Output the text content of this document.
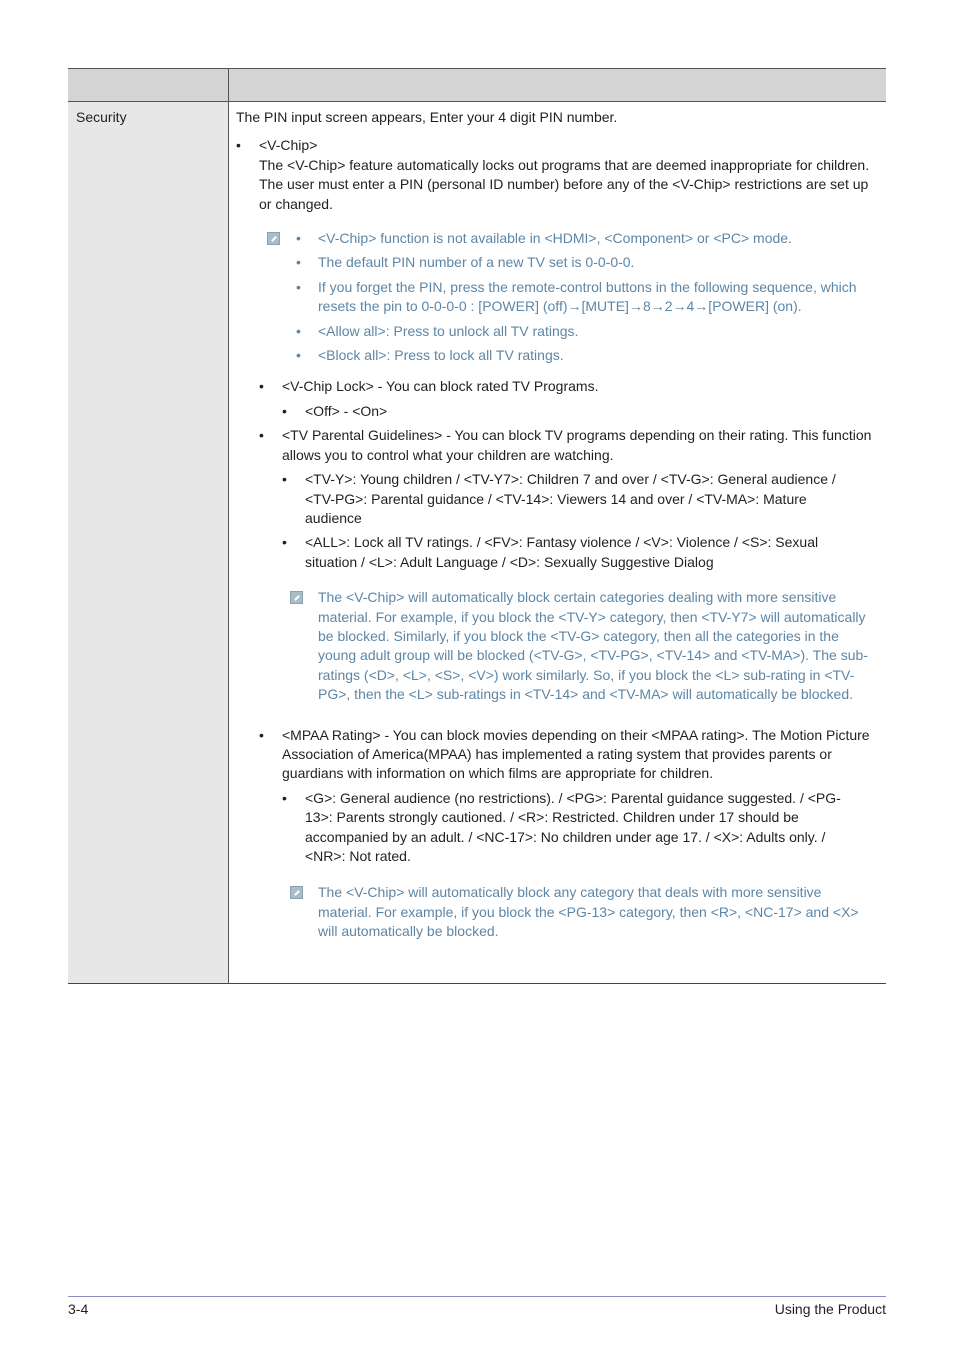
Security	The PIN input screen appears, Enter your 4 digit PIN number.

• <V-Chip>

The <V-Chip> feature automatically locks out programs that are deemed inappropriate for children. The user must enter a PIN (personal ID number) before any of the <V-Chip> restrictions are set up or changed.

• <V-Chip> function is not available in <HDMI>, <Component> or <PC> mode.

• The default PIN number of a new TV set is 0-0-0-0.

• If you forget the PIN, press the remote-control buttons in the following sequence, which resets the pin to 0-0-0-0 : [POWER] (off)→[MUTE]→8→2→4→[POWER] (on).

• <Allow all>: Press to unlock all TV ratings.

• <Block all>: Press to lock all TV ratings.

• <V-Chip Lock> - You can block rated TV Programs.

• <Off> - <On>

• <TV Parental Guidelines> - You can block TV programs depending on their rating. This function allows you to control what your children are watching.

• <TV-Y>: Young children / <TV-Y7>: Children 7 and over / <TV-G>: General audience / <TV-PG>: Parental guidance / <TV-14>: Viewers 14 and over / <TV-MA>: Mature audience

• <ALL>: Lock all TV ratings. / <FV>: Fantasy violence / <V>: Violence / <S>: Sexual situation / <L>: Adult Language / <D>: Sexually Suggestive Dialog

The <V-Chip> will automatically block certain categories dealing with more sensitive material. For example, if you block the <TV-Y> category, then <TV-Y7> will automatically be blocked. Similarly, if you block the <TV-G> category, then all the categories in the young adult group will be blocked (<TV-G>, <TV-PG>, <TV-14> and <TV-MA>). The sub-ratings (<D>, <L>, <S>, <V>) work similarly. So, if you block the <L> sub-rating in <TV-PG>, then the <L> sub-ratings in <TV-14> and <TV-MA> will automatically be blocked.

• <MPAA Rating> - You can block movies depending on their <MPAA rating>. The Motion Picture Association of America(MPAA) has implemented a rating system that provides parents or guardians with information on which films are appropriate for children.

• <G>: General audience (no restrictions). / <PG>: Parental guidance suggested. / <PG-13>: Parents strongly cautioned. / <R>: Restricted. Children under 17 should be accompanied by an adult. / <NC-17>: No children under age 17. / <X>: Adults only. / <NR>: Not rated.

The <V-Chip> will automatically block any category that deals with more sensitive material. For example, if you block the <PG-13> category, then <R>, <NC-17> and <X> will automatically be blocked.

3-4	Using the Product
